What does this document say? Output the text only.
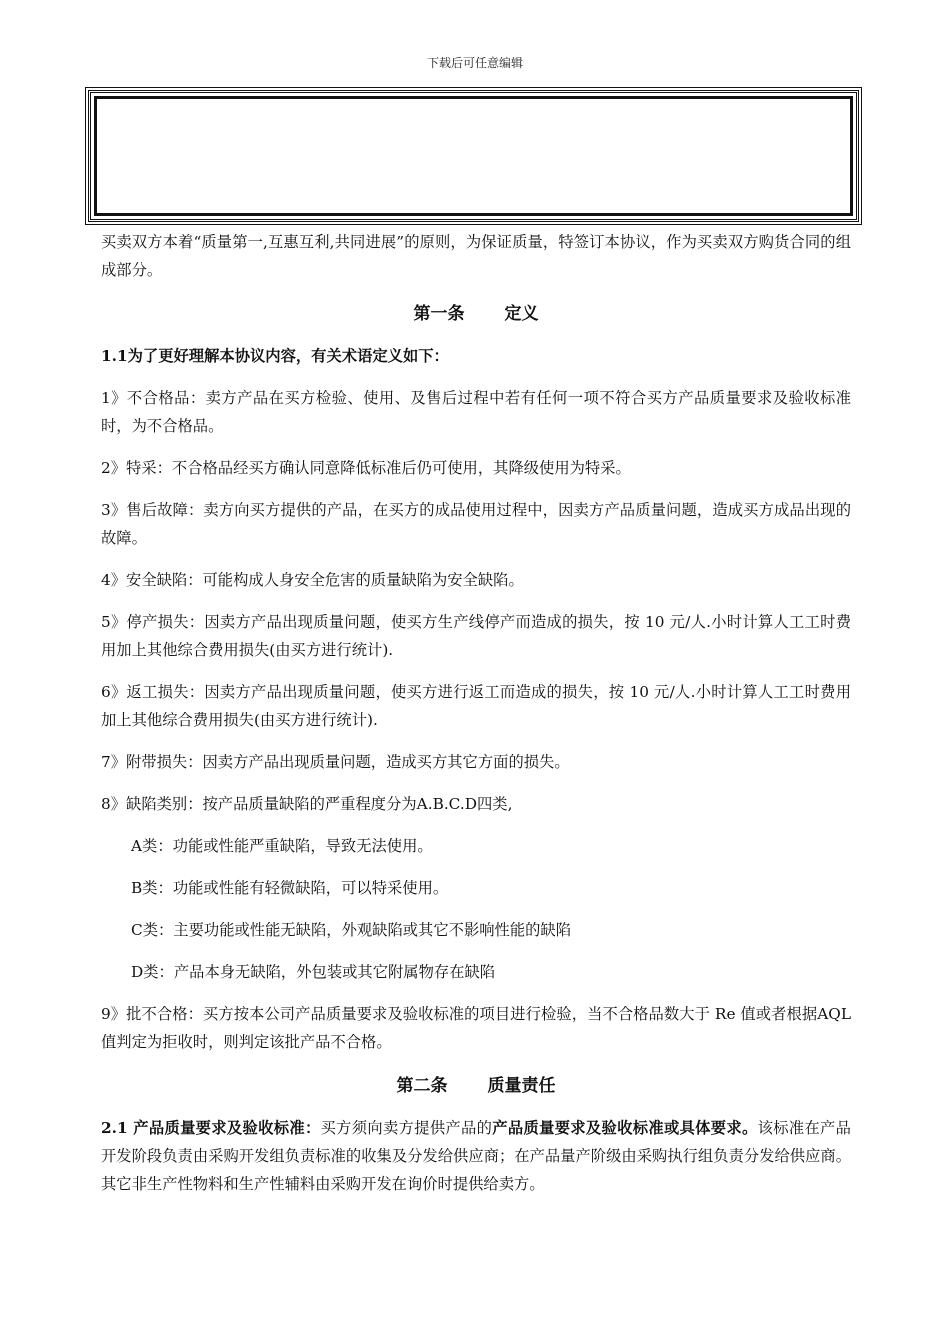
下载后可任意编辑

买卖双方本着“质量第一,互惠互利,共同进展”的原则，为保证质量，特签订本协议，作为买卖双方购货合同的组成部分。

第一条 定义

1.1为了更好理解本协议内容，有关术语定义如下：

1》不合格品：卖方产品在买方检验、使用、及售后过程中若有任何一项不符合买方产品质量要求及验收标准时，为不合格品。

2》特采：不合格品经买方确认同意降低标准后仍可使用，其降级使用为特采。

3》售后故障：卖方向买方提供的产品，在买方的成品使用过程中，因卖方产品质量问题，造成买方成品出现的故障。

4》安全缺陷：可能构成人身安全危害的质量缺陷为安全缺陷。

5》停产损失：因卖方产品出现质量问题，使买方生产线停产而造成的损失，按 10 元/人.小时计算人工工时费用加上其他综合费用损失(由买方进行统计).

6》返工损失：因卖方产品出现质量问题，使买方进行返工而造成的损失，按 10 元/人.小时计算人工工时费用加上其他综合费用损失(由买方进行统计).

7》附带损失：因卖方产品出现质量问题，造成买方其它方面的损失。

8》缺陷类别：按产品质量缺陷的严重程度分为A.B.C.D四类,

A类：功能或性能严重缺陷，导致无法使用。

B类：功能或性能有轻微缺陷，可以特采使用。

C类：主要功能或性能无缺陷，外观缺陷或其它不影响性能的缺陷

D类：产品本身无缺陷，外包装或其它附属物存在缺陷

9》批不合格：买方按本公司产品质量要求及验收标准的项目进行检验，当不合格品数大于 Re 值或者根据AQL值判定为拒收时，则判定该批产品不合格。

第二条 质量责任

2.1 产品质量要求及验收标准：买方须向卖方提供产品的产品质量要求及验收标准或具体要求。该标准在产品开发阶段负责由采购开发组负责标准的收集及分发给供应商；在产品量产阶级由采购执行组负责分发给供应商。其它非生产性物料和生产性辅料由采购开发在询价时提供给卖方。
